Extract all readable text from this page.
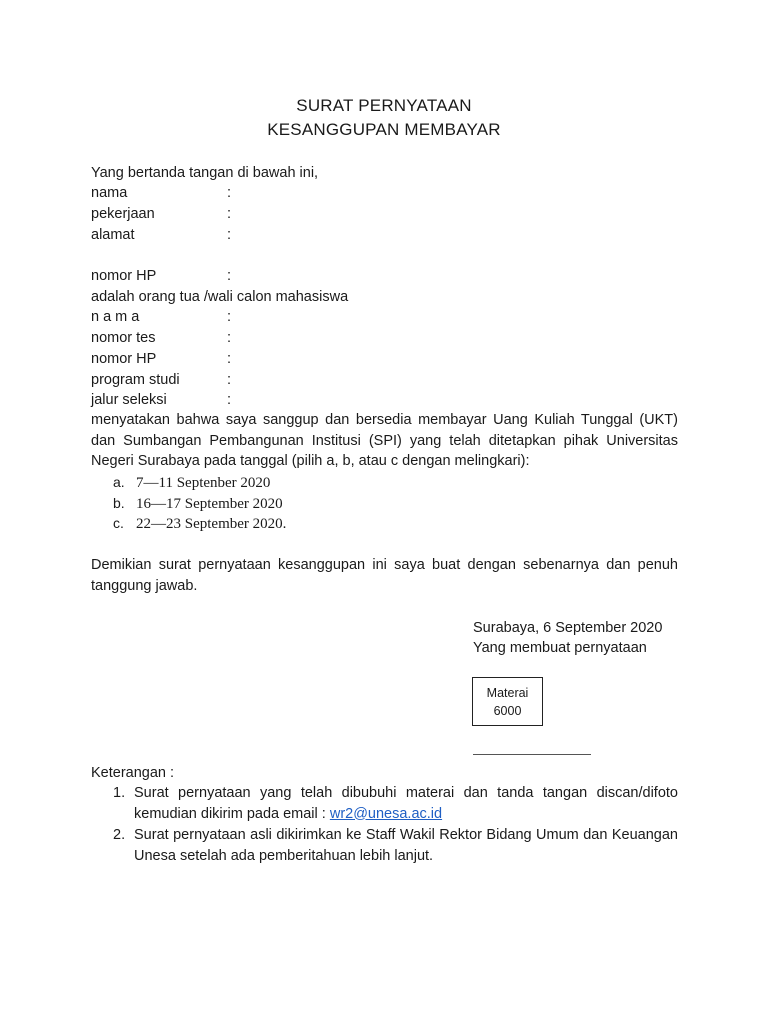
SURAT PERNYATAAN
KESANGGUPAN MEMBAYAR
Yang bertanda tangan di bawah ini,
nama	:
pekerjaan	:
alamat	:
nomor HP	:
adalah orang tua /wali calon mahasiswa
n a m a	:
nomor tes	:
nomor HP	:
program studi	:
jalur seleksi	:
menyatakan bahwa saya sanggup dan bersedia membayar Uang Kuliah Tunggal (UKT) dan Sumbangan Pembangunan Institusi (SPI) yang telah ditetapkan pihak Universitas Negeri Surabaya pada tanggal (pilih a, b, atau c dengan melingkari):
a. 7—11 Septenber 2020
b. 16—17 September 2020
c. 22—23 September 2020.
Demikian surat pernyataan kesanggupan ini saya buat dengan sebenarnya dan penuh tanggung jawab.
Surabaya, 6 September 2020
Yang membuat pernyataan
Materai
6000
Keterangan :
1. Surat pernyataan yang telah dibubuhi materai dan tanda tangan discan/difoto kemudian dikirim pada email : wr2@unesa.ac.id
2. Surat pernyataan asli dikirimkan ke Staff Wakil Rektor Bidang Umum dan Keuangan Unesa setelah ada pemberitahuan lebih lanjut.
